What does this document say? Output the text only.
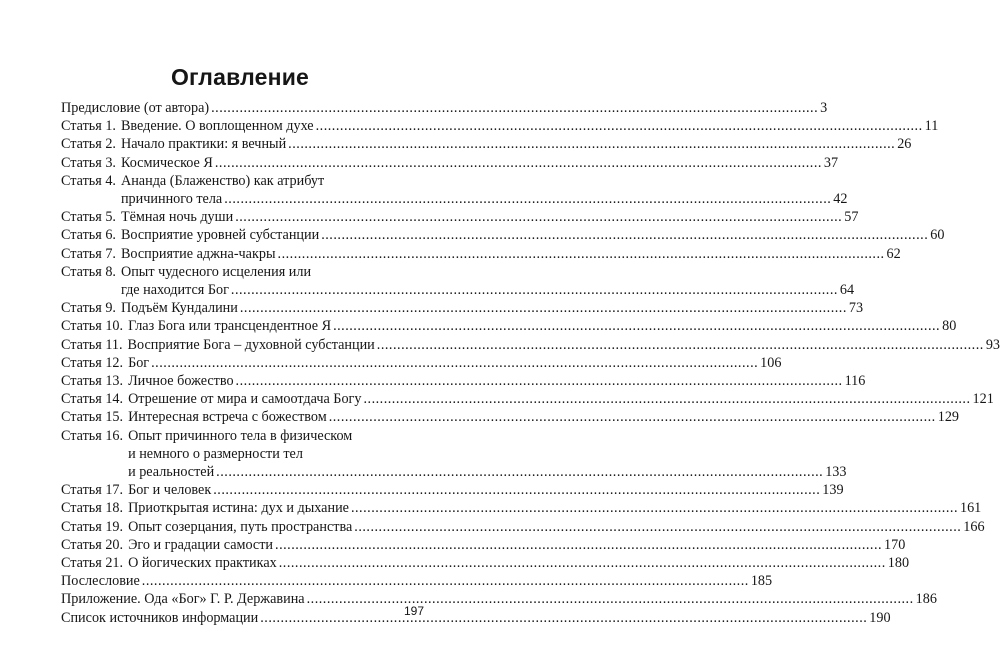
Оглавление
Предисловие (от автора) .....	3
Статья 1. Введение. О воплощенном духе .....	11
Статья 2. Начало практики: я вечный .....	26
Статья 3. Космическое Я .....	37
Статья 4. Ананда (Блаженство) как атрибут
причинного тела .....	42
Статья 5. Тёмная ночь души .....	57
Статья 6. Восприятие уровней субстанции .....	60
Статья 7. Восприятие аджна-чакры .....	62
Статья 8. Опыт чудесного исцеления или
где находится Бог .....	64
Статья 9. Подъём Кундалини .....	73
Статья 10. Глаз Бога или трансцендентное Я .....	80
Статья 11. Восприятие Бога – духовной субстанции .....	93
Статья 12. Бог .....	106
Статья 13. Личное божество .....	116
Статья 14. Отрешение от мира и самоотдача Богу .....	121
Статья 15. Интересная встреча с божеством .....	129
Статья 16. Опыт причинного тела в физическом
и немного о размерности тел
и реальностей .....	133
Статья 17. Бог и человек .....	139
Статья 18. Приоткрытая истина: дух и дыхание .....	161
Статья 19. Опыт созерцания, путь пространства .....	166
Статья 20. Эго и градации самости .....	170
Статья 21. О йогических практиках .....	180
Послесловие .....	185
Приложение. Ода «Бог» Г. Р. Державина .....	186
Список источников информации .....	190
197
